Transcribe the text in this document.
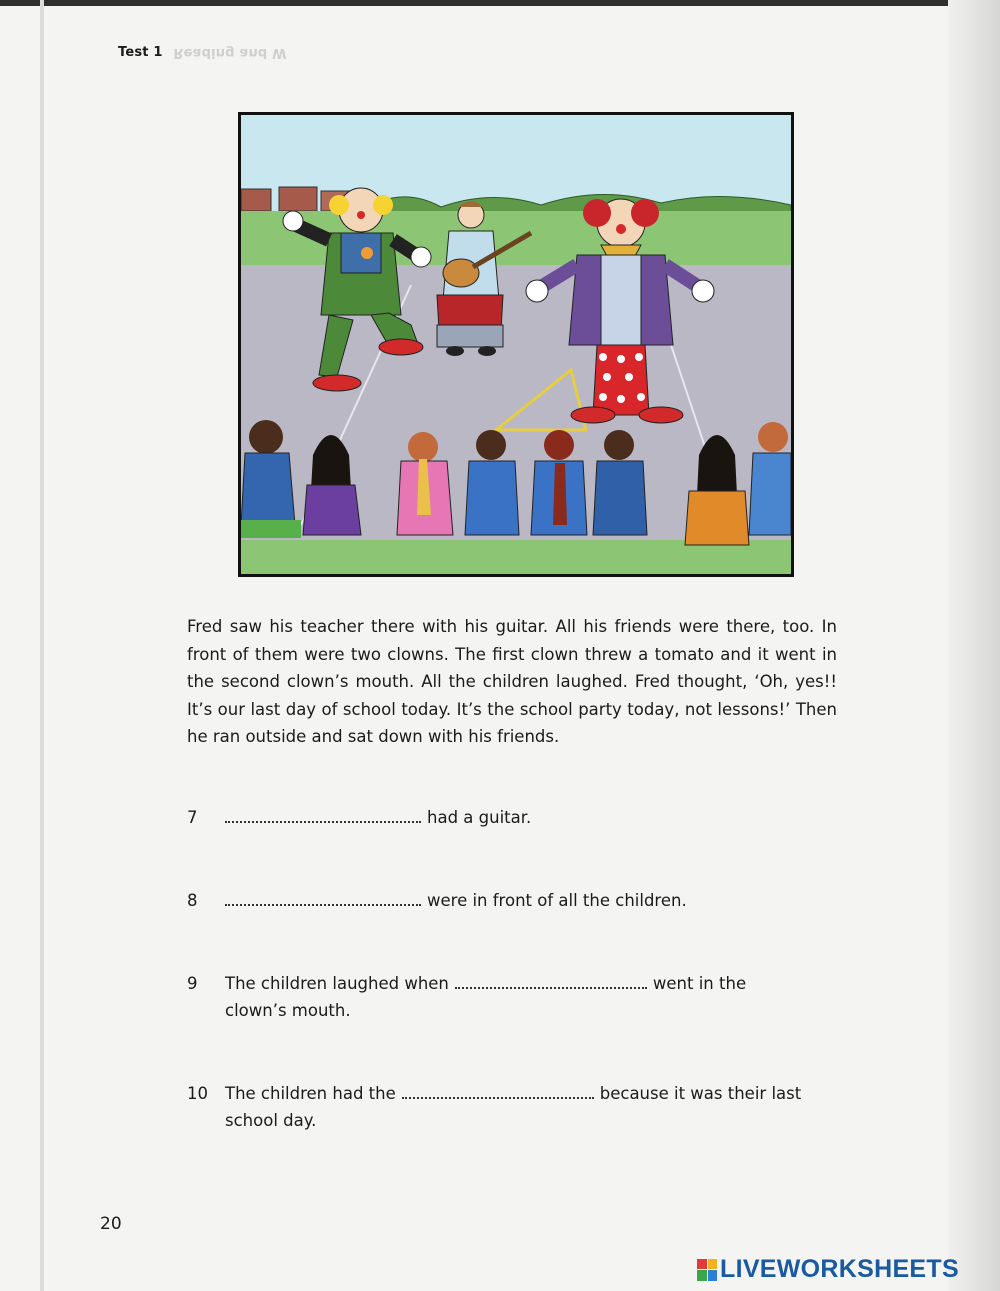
Test 1 Reading and W
Fred saw his teacher there with his guitar. All his friends were there, too. In front of them were two clowns. The first clown threw a tomato and it went in the second clown’s mouth. All the children laughed. Fred thought, ‘Oh, yes!! It’s our last day of school today. It’s the school party today, not lessons!’ Then he ran outside and sat down with his friends.
7	had a guitar.
8	were in front of all the children.
9 The children laughed when	went in the
clown’s mouth.
10 The children had the	because it was their last
school day.
20
LIVEWORKSHEETS
